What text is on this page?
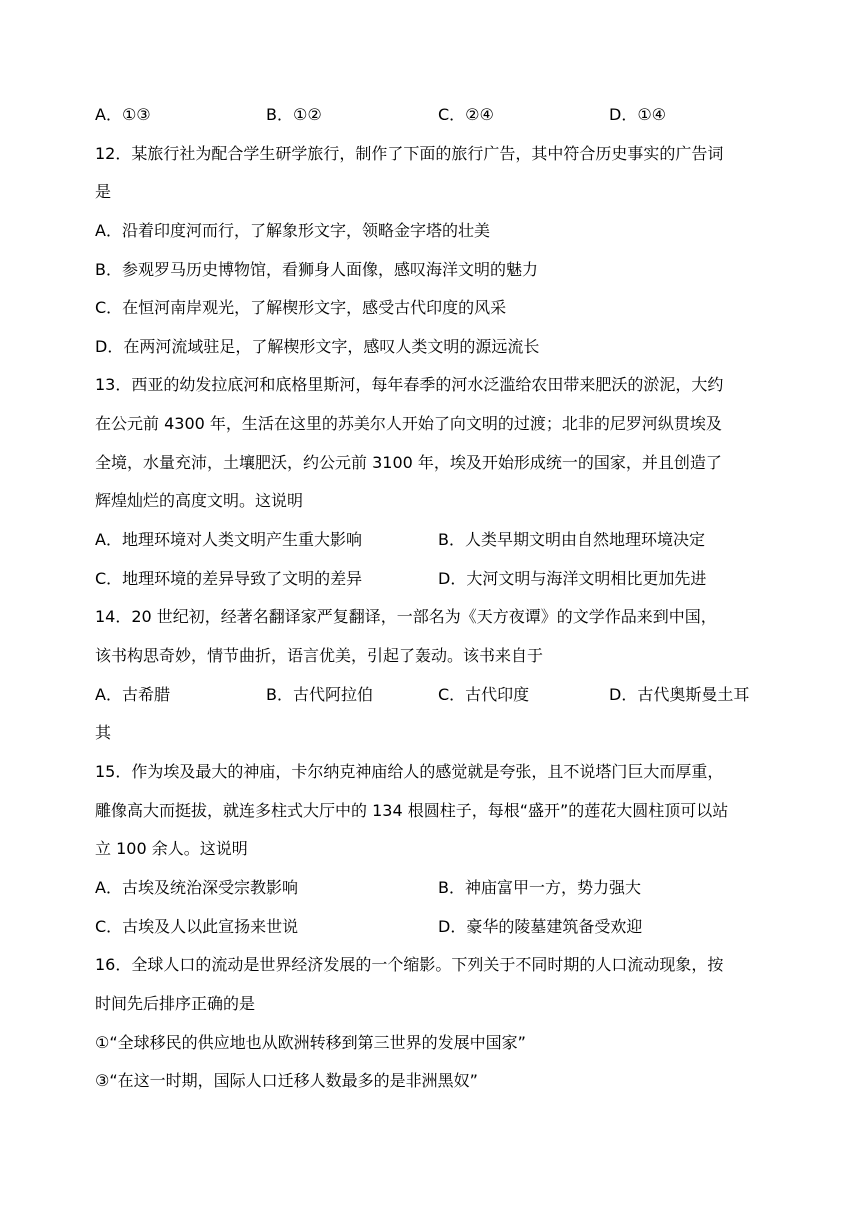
A．①③	B．①②	C．②④	D．①④
12．某旅行社为配合学生研学旅行，制作了下面的旅行广告，其中符合历史事实的广告词
是
A．沿着印度河而行，了解象形文字，领略金字塔的壮美
B．参观罗马历史博物馆，看狮身人面像，感叹海洋文明的魅力
C．在恒河南岸观光，了解楔形文字，感受古代印度的风采
D．在两河流域驻足，了解楔形文字，感叹人类文明的源远流长
13．西亚的幼发拉底河和底格里斯河，每年春季的河水泛滥给农田带来肥沃的淤泥，大约
在公元前 4300 年，生活在这里的苏美尔人开始了向文明的过渡；北非的尼罗河纵贯埃及
全境，水量充沛，土壤肥沃，约公元前 3100 年，埃及开始形成统一的国家，并且创造了
辉煌灿烂的高度文明。这说明
A．地理环境对人类文明产生重大影响	B．人类早期文明由自然地理环境决定
C．地理环境的差异导致了文明的差异	D．大河文明与海洋文明相比更加先进
14．20 世纪初，经著名翻译家严复翻译，一部名为《天方夜谭》的文学作品来到中国，
该书构思奇妙，情节曲折，语言优美，引起了轰动。该书来自于
A．古希腊	B．古代阿拉伯	C．古代印度	D．古代奥斯曼土耳
其
15．作为埃及最大的神庙，卡尔纳克神庙给人的感觉就是夸张，且不说塔门巨大而厚重，
雕像高大而挺拔，就连多柱式大厅中的 134 根圆柱子，每根“盛开”的莲花大圆柱顶可以站
立 100 余人。这说明
A．古埃及统治深受宗教影响	B．神庙富甲一方，势力强大
C．古埃及人以此宣扬来世说	D．豪华的陵墓建筑备受欢迎
16．全球人口的流动是世界经济发展的一个缩影。下列关于不同时期的人口流动现象，按
时间先后排序正确的是
①“全球移民的供应地也从欧洲转移到第三世界的发展中国家”
③“在这一时期，国际人口迁移人数最多的是非洲黑奴”
